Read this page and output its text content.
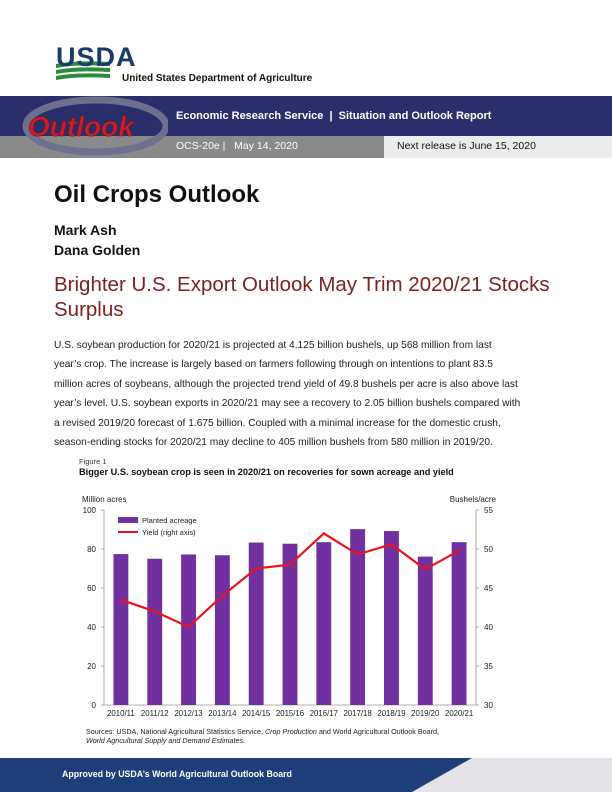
USDA
United States Department of Agriculture
Outlook	Economic Research Service  |  Situation and Outlook Report
OCS-20e |   May 14, 2020	Next release is June 15, 2020
Oil Crops Outlook
Mark Ash
Dana Golden
Brighter U.S. Export Outlook May Trim 2020/21 Stocks Surplus
U.S. soybean production for 2020/21 is projected at 4.125 billion bushels, up 568 million from last
year’s crop. The increase is largely based on farmers following through on intentions to plant 83.5
million acres of soybeans, although the projected trend yield of 49.8 bushels per acre is also above last
year’s level. U.S. soybean exports in 2020/21 may see a recovery to 2.05 billion bushels compared with
a revised 2019/20 forecast of 1.675 billion. Coupled with a minimal increase for the domestic crush,
season-ending stocks for 2020/21 may decline to 405 million bushels from 580 million in 2019/20.
Figure 1
Bigger U.S. soybean crop is seen in 2020/21 on recoveries for sown acreage and yield
Million acres	Bushels/acre
0
20
40
60
80
100
30
35
40
45
50
55
2010/11 2011/12 2012/13 2013/14 2014/15 2015/16 2016/17 2017/18 2018/19 2019/20 2020/21
Planted acreage
Yield (right axis)
Sources: USDA, National Agricultural Statistics Service, Crop Production and World Agricultural Outlook Board,
World Agricultural Supply and Demand Estimates.
Approved by USDA’s World Agricultural Outlook Board
